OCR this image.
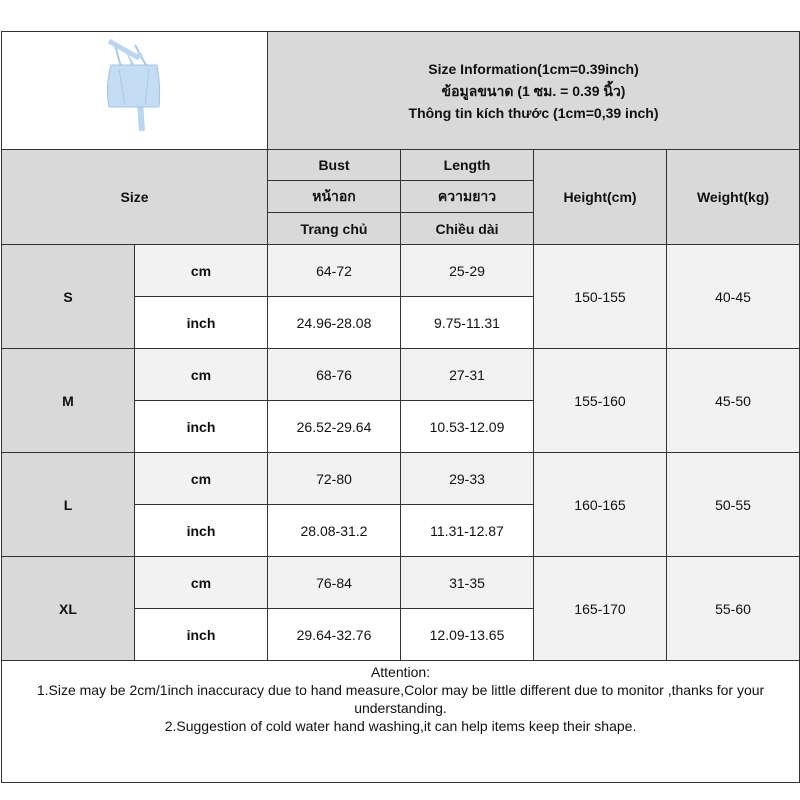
Size Information(1cm=0.39inch)
ข้อมูลขนาด (1 ซม. = 0.39 นิ้ว)
Thông tin kích thước (1cm=0,39 inch)			

Size		Bust	Length	Height(cm)	Weight(kg)
		หน้าอก	ความยาว		
		Trang chủ	Chiều dài		
S	cm	64-72	25-29	150-155	40-45
	inch	24.96-28.08	9.75-11.31		
M	cm	68-76	27-31	155-160	45-50
	inch	26.52-29.64	10.53-12.09		
L	cm	72-80	29-33	160-165	50-55
	inch	28.08-31.2	11.31-12.87		
XL	cm	76-84	31-35	165-170	55-60
	inch	29.64-32.76	12.09-13.65		

Attention:
1.Size may be 2cm/1inch inaccuracy due to hand measure,Color may be little different due to monitor ,thanks for your understanding.
2.Suggestion of cold water hand washing,it can help items keep their shape.					
